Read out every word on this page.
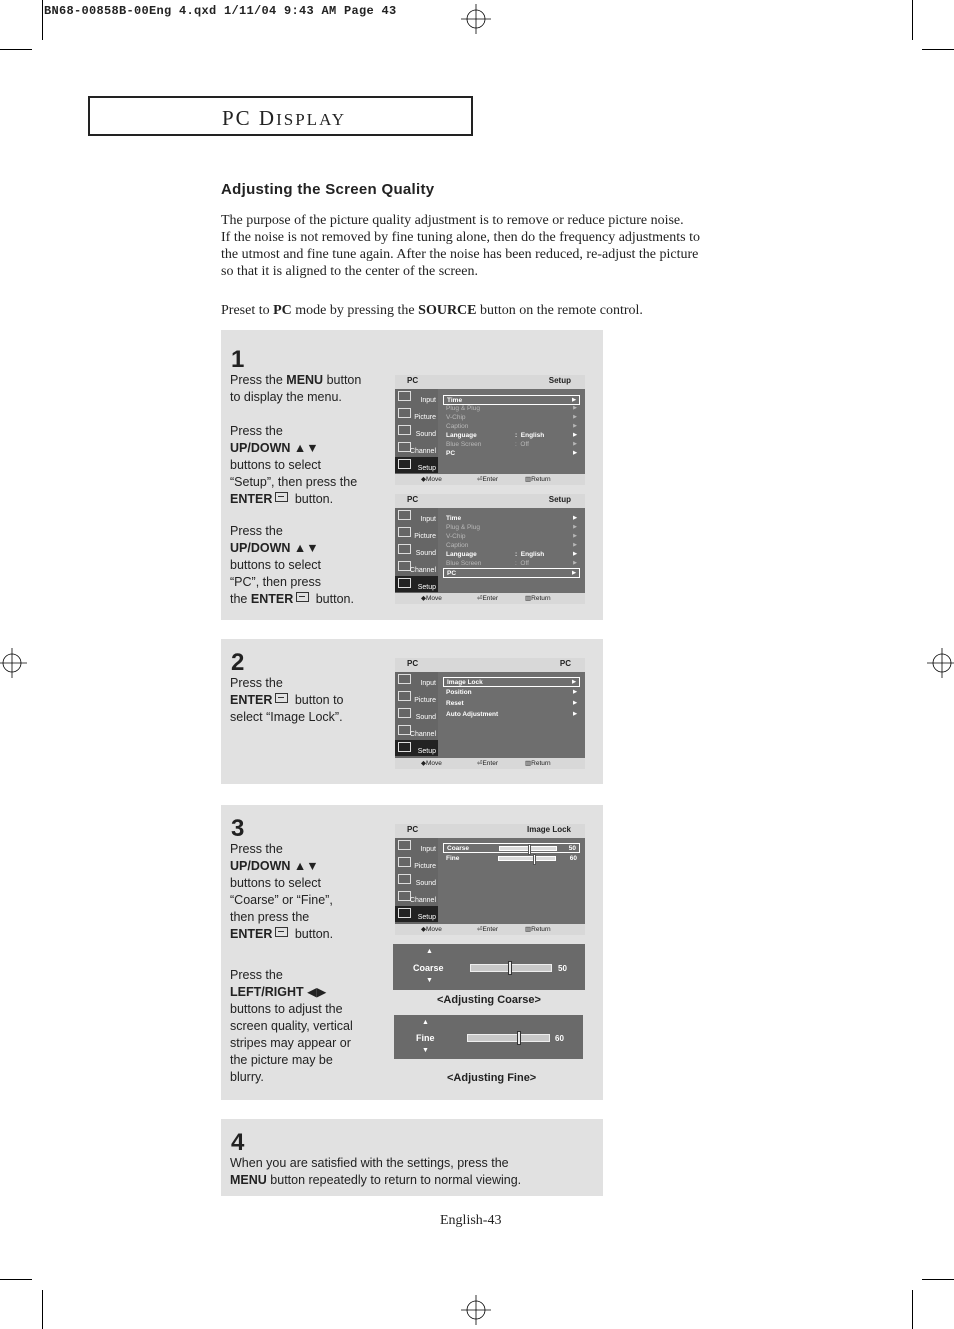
BN68-00858B-00Eng 4.qxd 1/11/04 9:43 AM Page 43
PC DISPLAY
Adjusting the Screen Quality

The purpose of the picture quality adjustment is to remove or reduce picture noise.

If the noise is not removed by fine tuning alone, then do the frequency adjustments to

the utmost and fine tune again. After the noise has been reduced, re-adjust the picture

so that it is aligned to the center of the screen.

Preset to PC mode by pressing the SOURCE button on the remote control.
1
Press the MENU button
to display the menu.
Press the
UP/DOWN ▲▼
buttons to select
“Setup”, then press the
ENTER button.
Press the
UP/DOWN ▲▼
buttons to select
“PC”, then press
the ENTER button.
PC	Setup
Input
Picture
Sound
Channel
Setup
Time	▶
Plug & Plug	▶
V-Chip	▶
Caption	▶
Language	:  English	▶
Blue Screen	:  Off	▶
PC	▶
◆ Move	⏎ Enter	▥ Return
PC	Setup
Input
Picture
Sound
Channel
Setup
Time	▶
Plug & Plug	▶
V-Chip	▶
Caption	▶
Language	:  English	▶
Blue Screen	:  Off	▶
PC	▶
◆ Move	⏎ Enter	▥ Return
2
Press the
ENTER button to
select “Image Lock”.
PC	PC
Input
Picture
Sound
Channel
Setup
Image Lock	▶
Position	▶
Reset	▶
Auto Adjustment	▶
◆ Move	⏎ Enter	▥ Return
3
Press the
UP/DOWN ▲▼
buttons to select
“Coarse” or “Fine”,
then press the
ENTER button.
Press the
LEFT/RIGHT ◀▶
buttons to adjust the
screen quality, vertical
stripes may appear or
the picture may be
blurry.
PC	Image Lock
Input
Picture
Sound
Channel
Setup
Coarse	50
Fine	60
◆ Move	⏎ Enter	▥ Return
▲
Coarse
▼
50
<Adjusting Coarse>
▲
Fine
▼
60
<Adjusting Fine>
4
When you are satisfied with the settings, press the
MENU button repeatedly to return to normal viewing.
English-43
